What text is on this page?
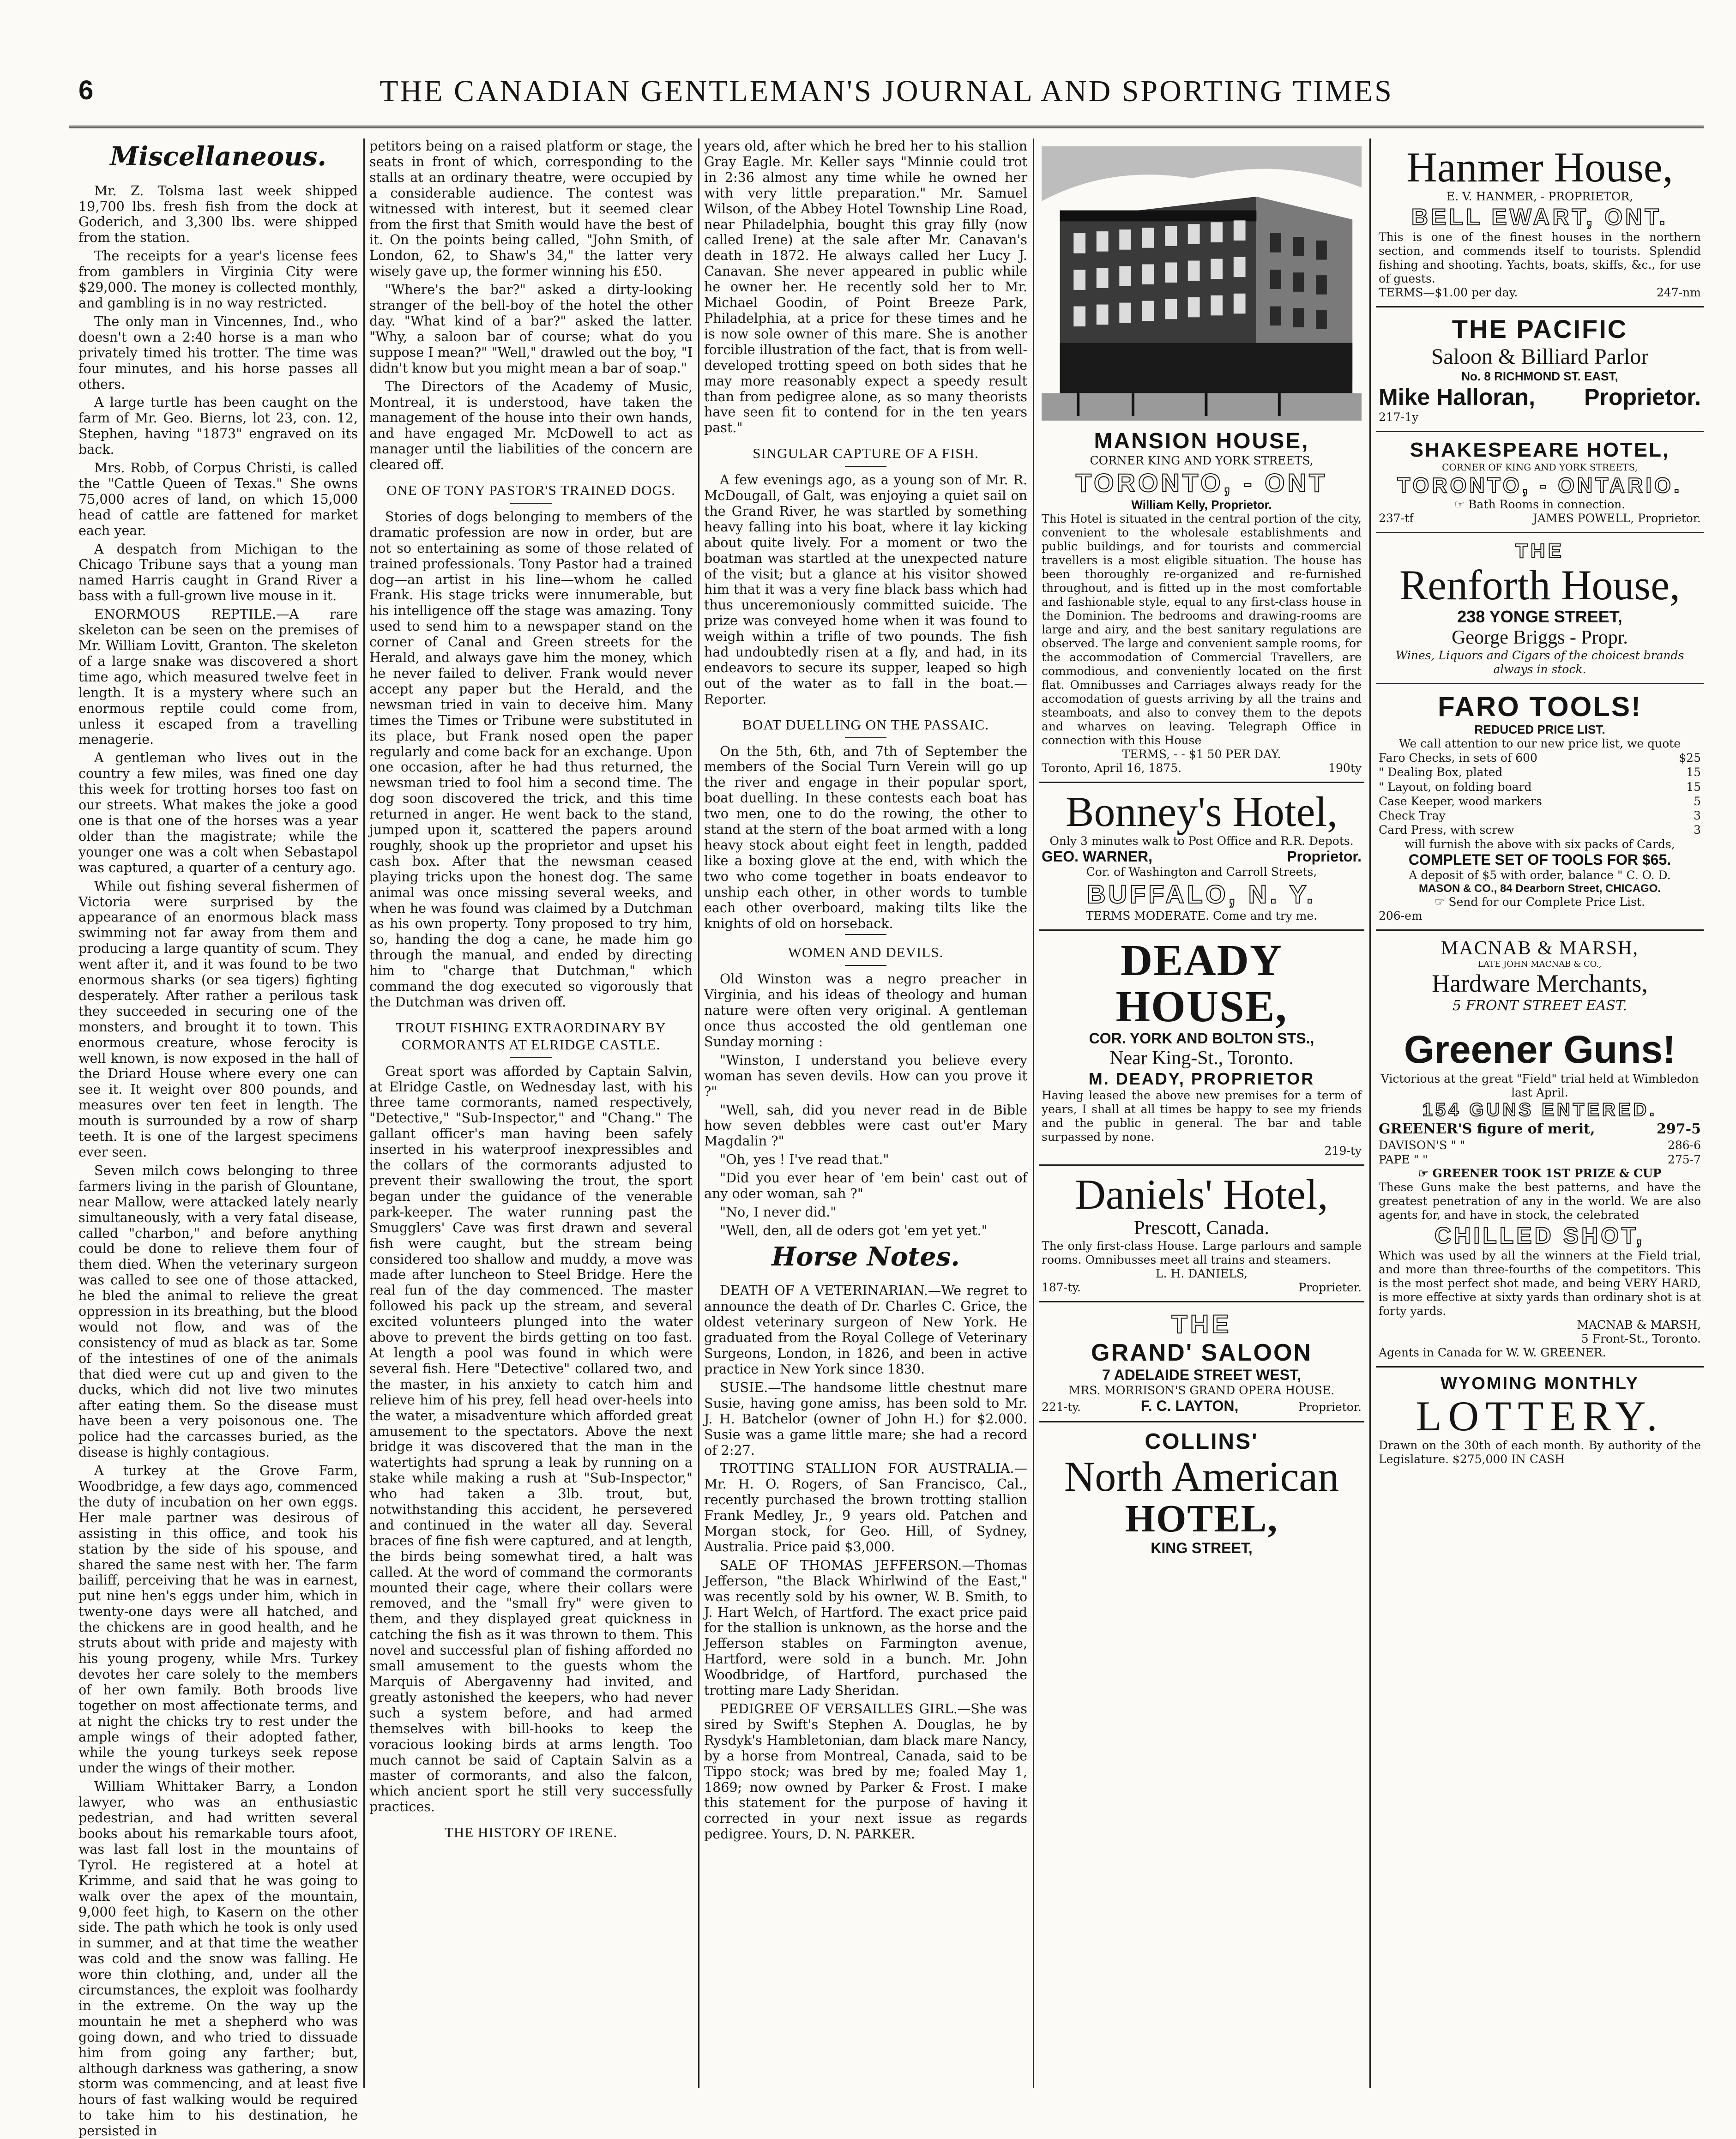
6	THE CANADIAN GENTLEMAN'S JOURNAL AND SPORTING TIMES
Miscellaneous.

Mr. Z. Tolsma last week shipped 19,700 lbs. fresh fish from the dock at Goderich, and 3,300 lbs. were shipped from the station.

The receipts for a year's license fees from gamblers in Virginia City were $29,000. The money is collected monthly, and gambling is in no way restricted.

The only man in Vincennes, Ind., who doesn't own a 2:40 horse is a man who privately timed his trotter. The time was four minutes, and his horse passes all others.

A large turtle has been caught on the farm of Mr. Geo. Bierns, lot 23, con. 12, Stephen, having "1873" engraved on its back.

Mrs. Robb, of Corpus Christi, is called the "Cattle Queen of Texas." She owns 75,000 acres of land, on which 15,000 head of cattle are fattened for market each year.

A despatch from Michigan to the Chicago Tribune says that a young man named Harris caught in Grand River a bass with a full-grown live mouse in it.

ENORMOUS REPTILE.—A rare skeleton can be seen on the premises of Mr. William Lovitt, Granton. The skeleton of a large snake was discovered a short time ago, which measured twelve feet in length. It is a mystery where such an enormous reptile could come from, unless it escaped from a travelling menagerie.

A gentleman who lives out in the country a few miles, was fined one day this week for trotting horses too fast on our streets. What makes the joke a good one is that one of the horses was a year older than the magistrate; while the younger one was a colt when Sebastapol was captured, a quarter of a century ago.

While out fishing several fishermen of Victoria were surprised by the appearance of an enormous black mass swimming not far away from them and producing a large quantity of scum. They went after it, and it was found to be two enormous sharks (or sea tigers) fighting desperately. After rather a perilous task they succeeded in securing one of the monsters, and brought it to town. This enormous creature, whose ferocity is well known, is now exposed in the hall of the Driard House where every one can see it. It weight over 800 pounds, and measures over ten feet in length. The mouth is surrounded by a row of sharp teeth. It is one of the largest specimens ever seen.

Seven milch cows belonging to three farmers living in the parish of Glountane, near Mallow, were attacked lately nearly simultaneously, with a very fatal disease, called "charbon," and before anything could be done to relieve them four of them died. When the veterinary surgeon was called to see one of those attacked, he bled the animal to relieve the great oppression in its breathing, but the blood would not flow, and was of the consistency of mud as black as tar. Some of the intestines of one of the animals that died were cut up and given to the ducks, which did not live two minutes after eating them. So the disease must have been a very poisonous one. The police had the carcasses buried, as the disease is highly contagious.

A turkey at the Grove Farm, Woodbridge, a few days ago, commenced the duty of incubation on her own eggs. Her male partner was desirous of assisting in this office, and took his station by the side of his spouse, and shared the same nest with her. The farm bailiff, perceiving that he was in earnest, put nine hen's eggs under him, which in twenty-one days were all hatched, and the chickens are in good health, and he struts about with pride and majesty with his young progeny, while Mrs. Turkey devotes her care solely to the members of her own family. Both broods live together on most affectionate terms, and at night the chicks try to rest under the ample wings of their adopted father, while the young turkeys seek repose under the wings of their mother.

William Whittaker Barry, a London lawyer, who was an enthusiastic pedestrian, and had written several books about his remarkable tours afoot, was last fall lost in the mountains of Tyrol. He registered at a hotel at Krimme, and said that he was going to walk over the apex of the mountain, 9,000 feet high, to Kasern on the other side. The path which he took is only used in summer, and at that time the weather was cold and the snow was falling. He wore thin clothing, and, under all the circumstances, the exploit was foolhardy in the extreme. On the way up the mountain he met a shepherd who was going down, and who tried to dissuade him from going any farther; but, although darkness was gathering, a snow storm was commencing, and at least five hours of fast walking would be required to take him to his destination, he persisted in

petitors being on a raised platform or stage, the seats in front of which, corresponding to the stalls at an ordinary theatre, were occupied by a considerable audience. The contest was witnessed with interest, but it seemed clear from the first that Smith would have the best of it. On the points being called, "John Smith, of London, 62, to Shaw's 34," the latter very wisely gave up, the former winning his £50.

"Where's the bar?" asked a dirty-looking stranger of the bell-boy of the hotel the other day. "What kind of a bar?" asked the latter. "Why, a saloon bar of course; what do you suppose I mean?" "Well," drawled out the boy, "I didn't know but you might mean a bar of soap."

The Directors of the Academy of Music, Montreal, it is understood, have taken the management of the house into their own hands, and have engaged Mr. McDowell to act as manager until the liabilities of the concern are cleared off.

ONE OF TONY PASTOR'S TRAINED DOGS.

Stories of dogs belonging to members of the dramatic profession are now in order, but are not so entertaining as some of those related of trained professionals. Tony Pastor had a trained dog—an artist in his line—whom he called Frank. His stage tricks were innumerable, but his intelligence off the stage was amazing. Tony used to send him to a newspaper stand on the corner of Canal and Green streets for the Herald, and always gave him the money, which he never failed to deliver. Frank would never accept any paper but the Herald, and the newsman tried in vain to deceive him. Many times the Times or Tribune were substituted in its place, but Frank nosed open the paper regularly and come back for an exchange. Upon one occasion, after he had thus returned, the newsman tried to fool him a second time. The dog soon discovered the trick, and this time returned in anger. He went back to the stand, jumped upon it, scattered the papers around roughly, shook up the proprietor and upset his cash box. After that the newsman ceased playing tricks upon the honest dog. The same animal was once missing several weeks, and when he was found was claimed by a Dutchman as his own property. Tony proposed to try him, so, handing the dog a cane, he made him go through the manual, and ended by directing him to "charge that Dutchman," which command the dog executed so vigorously that the Dutchman was driven off.

TROUT FISHING EXTRAORDINARY BY CORMORANTS AT ELRIDGE CASTLE.

Great sport was afforded by Captain Salvin, at Elridge Castle, on Wednesday last, with his three tame cormorants, named respectively, "Detective," "Sub-Inspector," and "Chang." The gallant officer's man having been safely inserted in his waterproof inexpressibles and the collars of the cormorants adjusted to prevent their swallowing the trout, the sport began under the guidance of the venerable park-keeper. The water running past the Smugglers' Cave was first drawn and several fish were caught, but the stream being considered too shallow and muddy, a move was made after luncheon to Steel Bridge. Here the real fun of the day commenced. The master followed his pack up the stream, and several excited volunteers plunged into the water above to prevent the birds getting on too fast. At length a pool was found in which were several fish. Here "Detective" collared two, and the master, in his anxiety to catch him and relieve him of his prey, fell head over-heels into the water, a misadventure which afforded great amusement to the spectators. Above the next bridge it was discovered that the man in the watertights had sprung a leak by running on a stake while making a rush at "Sub-Inspector," who had taken a 3lb. trout, but, notwithstanding this accident, he persevered and continued in the water all day. Several braces of fine fish were captured, and at length, the birds being somewhat tired, a halt was called. At the word of command the cormorants mounted their cage, where their collars were removed, and the "small fry" were given to them, and they displayed great quickness in catching the fish as it was thrown to them. This novel and successful plan of fishing afforded no small amusement to the guests whom the Marquis of Abergavenny had invited, and greatly astonished the keepers, who had never such a system before, and had armed themselves with bill-hooks to keep the voracious looking birds at arms length. Too much cannot be said of Captain Salvin as a master of cormorants, and also the falcon, which ancient sport he still very successfully practices.

THE HISTORY OF IRENE.

years old, after which he bred her to his stallion Gray Eagle. Mr. Keller says "Minnie could trot in 2:36 almost any time while he owned her with very little preparation." Mr. Samuel Wilson, of the Abbey Hotel Township Line Road, near Philadelphia, bought this gray filly (now called Irene) at the sale after Mr. Canavan's death in 1872. He always called her Lucy J. Canavan. She never appeared in public while he owner her. He recently sold her to Mr. Michael Goodin, of Point Breeze Park, Philadelphia, at a price for these times and he is now sole owner of this mare. She is another forcible illustration of the fact, that is from well-developed trotting speed on both sides that he may more reasonably expect a speedy result than from pedigree alone, as so many theorists have seen fit to contend for in the ten years past."

SINGULAR CAPTURE OF A FISH.

A few evenings ago, as a young son of Mr. R. McDougall, of Galt, was enjoying a quiet sail on the Grand River, he was startled by something heavy falling into his boat, where it lay kicking about quite lively. For a moment or two the boatman was startled at the unexpected nature of the visit; but a glance at his visitor showed him that it was a very fine black bass which had thus unceremoniously committed suicide. The prize was conveyed home when it was found to weigh within a trifle of two pounds. The fish had undoubtedly risen at a fly, and had, in its endeavors to secure its supper, leaped so high out of the water as to fall in the boat.—Reporter.

BOAT DUELLING ON THE PASSAIC.

On the 5th, 6th, and 7th of September the members of the Social Turn Verein will go up the river and engage in their popular sport, boat duelling. In these contests each boat has two men, one to do the rowing, the other to stand at the stern of the boat armed with a long heavy stock about eight feet in length, padded like a boxing glove at the end, with which the two who come together in boats endeavor to unship each other, in other words to tumble each other overboard, making tilts like the knights of old on horseback.

WOMEN AND DEVILS.

Old Winston was a negro preacher in Virginia, and his ideas of theology and human nature were often very original. A gentleman once thus accosted the old gentleman one Sunday morning :

"Winston, I understand you believe every woman has seven devils. How can you prove it ?"

"Well, sah, did you never read in de Bible how seven debbles were cast out'er Mary Magdalin ?"

"Oh, yes ! I've read that."

"Did you ever hear of 'em bein' cast out of any oder woman, sah ?"

"No, I never did."

"Well, den, all de oders got 'em yet yet."

Horse Notes.

DEATH OF A VETERINARIAN.—We regret to announce the death of Dr. Charles C. Grice, the oldest veterinary surgeon of New York. He graduated from the Royal College of Veterinary Surgeons, London, in 1826, and been in active practice in New York since 1830.

SUSIE.—The handsome little chestnut mare Susie, having gone amiss, has been sold to Mr. J. H. Batchelor (owner of John H.) for $2.000. Susie was a game little mare; she had a record of 2:27.

TROTTING STALLION FOR AUSTRALIA.—Mr. H. O. Rogers, of San Francisco, Cal., recently purchased the brown trotting stallion Frank Medley, Jr., 9 years old. Patchen and Morgan stock, for Geo. Hill, of Sydney, Australia. Price paid $3,000.

SALE OF THOMAS JEFFERSON.—Thomas Jefferson, "the Black Whirlwind of the East," was recently sold by his owner, W. B. Smith, to J. Hart Welch, of Hartford. The exact price paid for the stallion is unknown, as the horse and the Jefferson stables on Farmington avenue, Hartford, were sold in a bunch. Mr. John Woodbridge, of Hartford, purchased the trotting mare Lady Sheridan.

PEDIGREE OF VERSAILLES GIRL.—She was sired by Swift's Stephen A. Douglas, he by Rysdyk's Hambletonian, dam black mare Nancy, by a horse from Montreal, Canada, said to be Tippo stock; was bred by me; foaled May 1, 1869; now owned by Parker & Frost. I make this statement for the purpose of having it corrected in your next issue as regards pedigree. Yours, D. N. PARKER.

MANSION HOUSE,
CORNER KING AND YORK STREETS,
TORONTO, - ONT
William Kelly, Proprietor.
This Hotel is situated in the central portion of the city, convenient to the wholesale establishments and public buildings, and for tourists and commercial travellers is a most eligible situation. The house has been thoroughly re-organized and re-furnished throughout, and is fitted up in the most comfortable and fashionable style, equal to any first-class house in the Dominion. The bedrooms and drawing-rooms are large and airy, and the best sanitary regulations are observed. The large and convenient sample rooms, for the accommodation of Commercial Travellers, are commodious, and conveniently located on the first flat. Omnibusses and Carriages always ready for the accomodation of guests arriving by all the trains and steamboats, and also to convey them to the depots and wharves on leaving. Telegraph Office in connection with this House
TERMS, - - $1 50 PER DAY.
Toronto, April 16, 1875.	190ty
Bonney's Hotel,
Only 3 minutes walk to Post Office and R.R. Depots.
GEO. WARNER,	Proprietor.
Cor. of Washington and Carroll Streets,
BUFFALO, N. Y.
TERMS MODERATE. Come and try me.
DEADY HOUSE,
COR. YORK AND BOLTON STS.,
Near King-St., Toronto.
M. DEADY, PROPRIETOR
Having leased the above new premises for a term of years, I shall at all times be happy to see my friends and the public in general. The bar and table surpassed by none.
219-ty
Daniels' Hotel,
Prescott, Canada.
The only first-class House. Large parlours and sample rooms. Omnibusses meet all trains and steamers.
L. H. DANIELS,
187-ty.	Proprieter.
THE
GRAND' SALOON
7 ADELAIDE STREET WEST,
MRS. MORRISON'S GRAND OPERA HOUSE.
221-ty.	F. C. LAYTON,	Proprietor.
COLLINS'
North American
HOTEL,
KING STREET,
Hanmer House,
E. V. HANMER, - PROPRIETOR,
BELL EWART, ONT.
This is one of the finest houses in the northern section, and commends itself to tourists. Splendid fishing and shooting. Yachts, boats, skiffs, &c., for use of guests.
TERMS—$1.00 per day.	247-nm
THE PACIFIC
Saloon & Billiard Parlor
No. 8 RICHMOND ST. EAST,
Mike Halloran, Proprietor.
217-1y
SHAKESPEARE HOTEL,
CORNER OF KING AND YORK STREETS,
TORONTO, - ONTARIO.
☞ Bath Rooms in connection.
237-tf	JAMES POWELL, Proprietor.
THE
Renforth House,
238 YONGE STREET,
George Briggs - Propr.
Wines, Liquors and Cigars of the choicest brands always in stock.
FARO TOOLS!
REDUCED PRICE LIST.
We call attention to our new price list, we quote
Faro Checks, in sets of 600	$25
" Dealing Box, plated	15
" Layout, on folding board	15
Case Keeper, wood markers	5
Check Tray	3
Card Press, with screw	3
will furnish the above with six packs of Cards,
COMPLETE SET OF TOOLS FOR $65.
A deposit of $5 with order, balance " C. O. D.
MASON & CO., 84 Dearborn Street, CHICAGO.
☞ Send for our Complete Price List.
206-em
MACNAB & MARSH,
LATE JOHN MACNAB & CO.,
Hardware Merchants,
5 FRONT STREET EAST.
Greener Guns!
Victorious at the great "Field" trial held at Wimbledon last April.
154 GUNS ENTERED.
GREENER'S figure of merit,	297-5
DAVISON'S " "	286-6
PAPE " "	275-7
☞ GREENER TOOK 1ST PRIZE & CUP
These Guns make the best patterns, and have the greatest penetration of any in the world. We are also agents for, and have in stock, the celebrated
CHILLED SHOT,
Which was used by all the winners at the Field trial, and more than three-fourths of the competitors. This is the most perfect shot made, and being VERY HARD, is more effective at sixty yards than ordinary shot is at forty yards.
MACNAB & MARSH,
5 Front-St., Toronto.
Agents in Canada for W. W. GREENER.
WYOMING MONTHLY
LOTTERY.
Drawn on the 30th of each month. By authority of the Legislature. $275,000 IN CASH
